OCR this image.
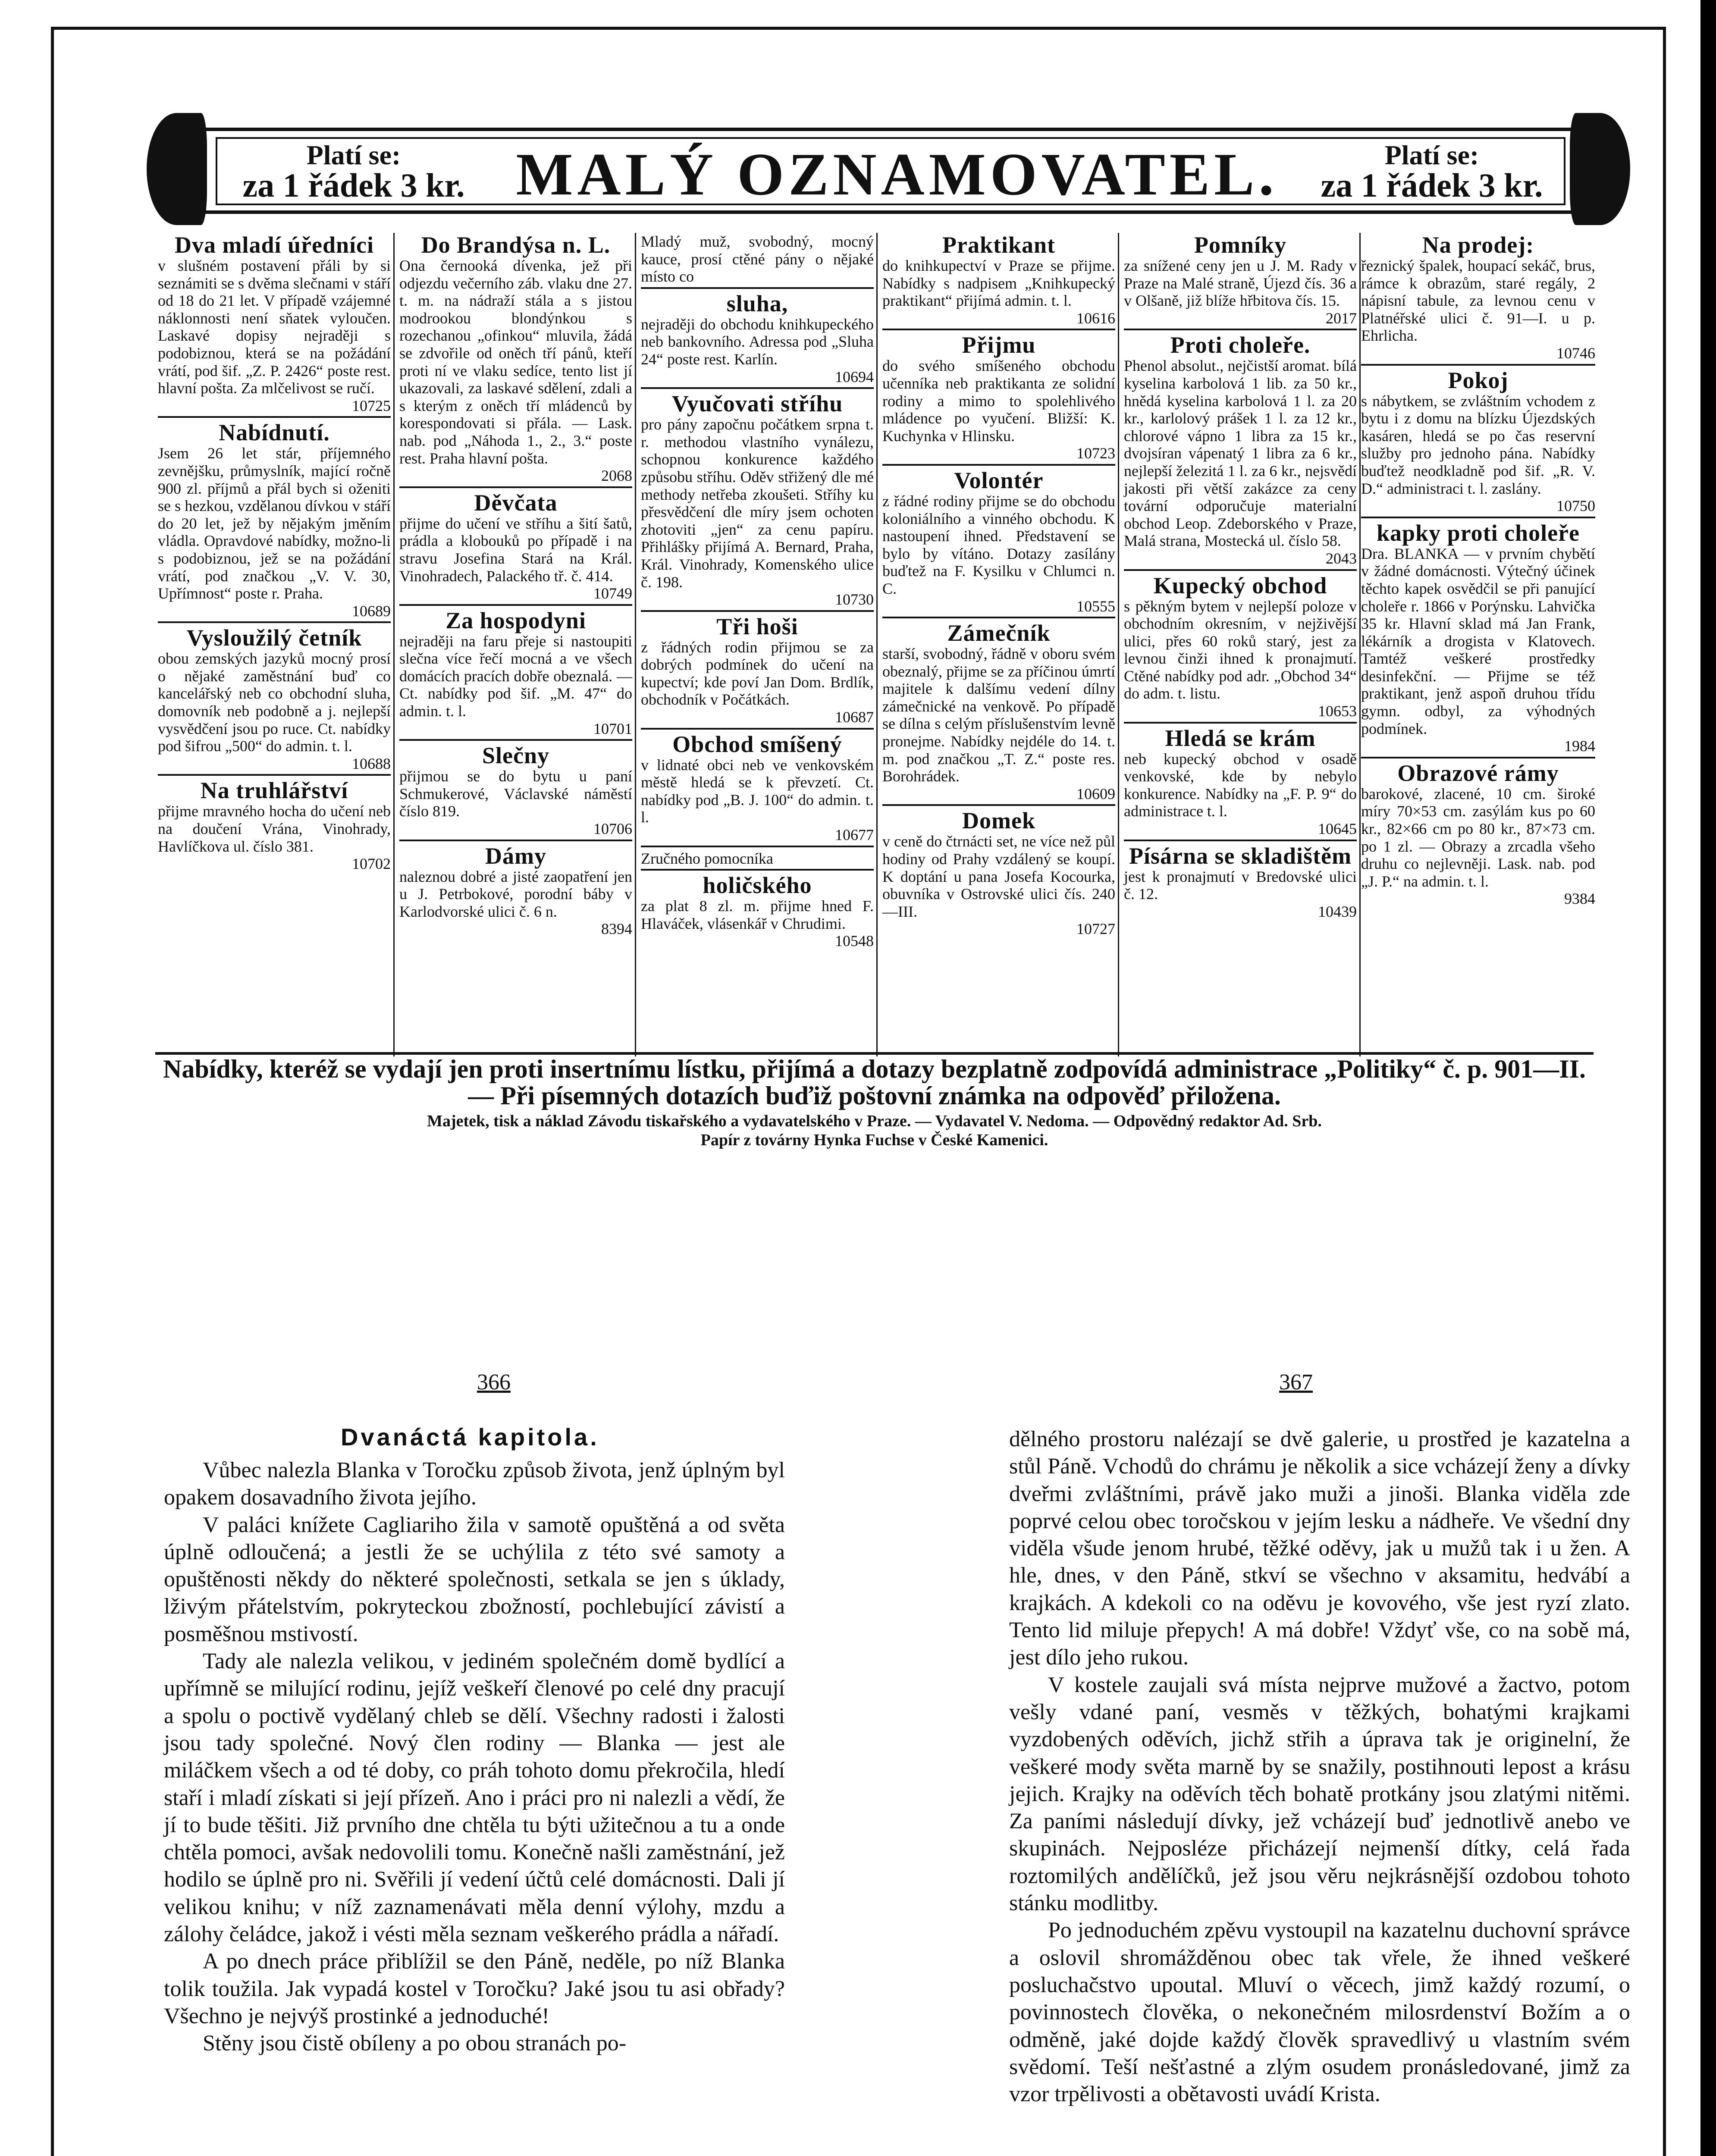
Platí se:
za 1 řádek 3 kr. MALÝ OZNAMOVATEL.	Platí se:
za 1 řádek 3 kr.
Dva mladí úředníci

v slušném postavení přáli by si seznámiti se s dvěma slečnami v stáří od 18 do 21 let. V případě vzájemné náklonnosti není sňatek vyloučen. Laskavé dopisy nejraději s podobiznou, která se na požádání vrátí, pod šif. „Z. P. 2426“ poste rest. hlavní pošta. Za mlčelivost se ručí.

10725
Nabídnutí.

Jsem 26 let stár, příjemného zevnějšku, průmyslník, mající ročně 900 zl. příjmů a přál bych si oženiti se s hezkou, vzdělanou dívkou v stáří do 20 let, jež by nějakým jměním vládla. Opravdové nabídky, možno-li s podobiznou, jež se na požádání vrátí, pod značkou „V. V. 30, Upřímnost“ poste r. Praha.

10689
Vysloužilý četník

obou zemských jazyků mocný prosí o nějaké zaměstnání buď co kancelářský neb co obchodní sluha, domovník neb podobně a j. nejlepší vysvědčení jsou po ruce. Ct. nabídky pod šifrou „500“ do admin. t. l.

10688
Na truhlářství

přijme mravného hocha do učení neb na doučení Vrána, Vinohrady, Havlíčkova ul. číslo 381.

10702
Do Brandýsa n. L.

Ona černooká dívenka, jež při odjezdu večerního záb. vlaku dne 27. t. m. na nádraží stála a s jistou modrookou blondýnkou s rozechanou „ofinkou“ mluvila, žádá se zdvořile od oněch tří pánů, kteří proti ní ve vlaku sedíce, tento list jí ukazovali, za laskavé sdělení, zdali a s kterým z oněch tří mládenců by korespondovati si přála. — Lask. nab. pod „Náhoda 1., 2., 3.“ poste rest. Praha hlavní pošta.

2068
Děvčata

přijme do učení ve stříhu a šití šatů, prádla a klobouků po případě i na stravu Josefina Stará na Král. Vinohradech, Palackého tř. č. 414.

10749
Za hospodyni

nejraději na faru přeje si nastoupiti slečna více řečí mocná a ve všech domácích pracích dobře obeznalá. — Ct. nabídky pod šif. „M. 47“ do admin. t. l.

10701
Slečny

přijmou se do bytu u paní Schmukerové, Václavské náměstí číslo 819.

10706
Dámy

naleznou dobré a jisté zaopatření jen u J. Petrbokové, porodní báby v Karlodvorské ulici č. 6 n.

8394

Mladý muž, svobodný, mocný kauce, prosí ctěné pány o nějaké místo co

sluha,

nejraději do obchodu knihkupeckého neb bankovního. Adressa pod „Sluha 24“ poste rest. Karlín.

10694
Vyučovati stříhu

pro pány započnu počátkem srpna t. r. methodou vlastního vynálezu, schopnou konkurence každého způsobu stříhu. Oděv střižený dle mé methody netřeba zkoušeti. Stříhy ku přesvědčení dle míry jsem ochoten zhotoviti „jen“ za cenu papíru. Přihlášky přijímá A. Bernard, Praha, Král. Vinohrady, Komenského ulice č. 198.

10730
Tři hoši

z řádných rodin přijmou se za dobrých podmínek do učení na kupectví; kde poví Jan Dom. Brdlík, obchodník v Počátkách.

10687
Obchod smíšený

v lidnaté obci neb ve venkovském městě hledá se k převzetí. Ct. nabídky pod „B. J. 100“ do admin. t. l.

10677

Zručného pomocníka

holičského

za plat 8 zl. m. přijme hned F. Hlaváček, vlásenkář v Chrudimi.

10548
Praktikant

do knihkupectví v Praze se přijme. Nabídky s nadpisem „Knihkupecký praktikant“ přijímá admin. t. l.

10616
Přijmu

do svého smíšeného obchodu učenníka neb praktikanta ze solidní rodiny a mimo to spolehlivého mládence po vyučení. Bližší: K. Kuchynka v Hlinsku.

10723
Volontér

z řádné rodiny přijme se do obchodu koloniálního a vinného obchodu. K nastoupení ihned. Představení se bylo by vítáno. Dotazy zasílány buďtež na F. Kysilku v Chlumci n. C.

10555
Zámečník

starší, svobodný, řádně v oboru svém obeznalý, přijme se za příčinou úmrtí majitele k dalšímu vedení dílny zámečnické na venkově. Po případě se dílna s celým příslušenstvím levně pronejme. Nabídky nejdéle do 14. t. m. pod značkou „T. Z.“ poste res. Borohrádek.

10609
Domek

v ceně do čtrnácti set, ne více než půl hodiny od Prahy vzdálený se koupí. K doptání u pana Josefa Kocourka, obuvníka v Ostrovské ulici čís. 240—III.

10727
Pomníky

za snížené ceny jen u J. M. Rady v Praze na Malé straně, Újezd čís. 36 a v Olšaně, již blíže hřbitova čís. 15.

2017
Proti choleře.

Phenol absolut., nejčistší aromat. bílá kyselina karbolová 1 lib. za 50 kr., hnědá kyselina karbolová 1 l. za 20 kr., karlolový prášek 1 l. za 12 kr., chlorové vápno 1 libra za 15 kr., dvojsíran vápenatý 1 libra za 6 kr., nejlepší železitá 1 l. za 6 kr., nejsvědí jakosti při větší zakázce za ceny tovární odporučuje materialní obchod Leop. Zdeborského v Praze, Malá strana, Mostecká ul. číslo 58.

2043
Kupecký obchod

s pěkným bytem v nejlepší poloze v obchodním okresním, v nejživější ulici, přes 60 roků starý, jest za levnou činži ihned k pronajmutí. Ctěné nabídky pod adr. „Obchod 34“ do adm. t. listu.

10653
Hledá se krám

neb kupecký obchod v osadě venkovské, kde by nebylo konkurence. Nabídky na „F. P. 9“ do administrace t. l.

10645
Písárna se skladištěm

jest k pronajmutí v Bredovské ulici č. 12.

10439
Na prodej:

řeznický špalek, houpací sekáč, brus, rámce k obrazům, staré regály, 2 nápisní tabule, za levnou cenu v Platnéřské ulici č. 91—I. u p. Ehrlicha.

10746
Pokoj

s nábytkem, se zvláštním vchodem z bytu i z domu na blízku Újezdských kasáren, hledá se po čas reservní služby pro jednoho pána. Nabídky buďtež neodkladně pod šif. „R. V. D.“ administraci t. l. zaslány.

10750
kapky proti choleře

Dra. BLANKA — v prvním chybětí v žádné domácnosti. Výtečný účinek těchto kapek osvědčil se při panující choleře r. 1866 v Porýnsku. Lahvička 35 kr. Hlavní sklad má Jan Frank, lékárník a drogista v Klatovech. Tamtéž veškeré prostředky desinfekční. — Přijme se též praktikant, jenž aspoň druhou třídu gymn. odbyl, za výhodných podmínek.

1984
Obrazové rámy

barokové, zlacené, 10 cm. široké míry 70×53 cm. zasýlám kus po 60 kr., 82×66 cm po 80 kr., 87×73 cm. po 1 zl. — Obrazy a zrcadla všeho druhu co nejlevněji. Lask. nab. pod „J. P.“ na admin. t. l.

9384
Nabídky, kteréž se vydají jen proti insertnímu lístku, přijímá a dotazy bezplatně zodpovídá administrace „Politiky“ č. p. 901—II. — Při písemných dotazích buďiž poštovní známka na odpověď přiložena.
Majetek, tisk a náklad Závodu tiskařského a vydavatelského v Praze. — Vydavatel V. Nedoma. — Odpovědný redaktor Ad. Srb.
Papír z továrny Hynka Fuchse v České Kamenici.
366	367
Dvanáctá kapitola.

Vůbec nalezla Blanka v Toročku způsob života, jenž úplným byl opakem dosavadního života jejího.

V paláci knížete Cagliariho žila v samotě opuštěná a od světa úplně odloučená; a jestli že se uchýlila z této své samoty a opuštěnosti někdy do některé společnosti, setkala se jen s úklady, lživým přátelstvím, pokryteckou zbožností, pochlebující závistí a posměšnou mstivostí.

Tady ale nalezla velikou, v jediném společném domě bydlící a upřímně se milující rodinu, jejíž veškeří členové po celé dny pracují a spolu o poctivě vydělaný chleb se dělí. Všechny radosti i žalosti jsou tady společné. Nový člen rodiny — Blanka — jest ale miláčkem všech a od té doby, co práh tohoto domu překročila, hledí staří i mladí získati si její přízeň. Ano i práci pro ni nalezli a vědí, že jí to bude těšiti. Již prvního dne chtěla tu býti užitečnou a tu a onde chtěla pomoci, avšak nedovolili tomu. Konečně našli zaměstnání, jež hodilo se úplně pro ni. Svěřili jí vedení účtů celé domácnosti. Dali jí velikou knihu; v níž zaznamenávati měla denní výlohy, mzdu a zálohy čeládce, jakož i vésti měla seznam veškerého prádla a nářadí.

A po dnech práce přiblížil se den Páně, neděle, po níž Blanka tolik toužila. Jak vypadá kostel v Toročku? Jaké jsou tu asi obřady? Všechno je nejvýš prostinké a jednoduché!

Stěny jsou čistě obíleny a po obou stranách po-

dělného prostoru nalézají se dvě galerie, u prostřed je kazatelna a stůl Páně. Vchodů do chrámu je několik a sice vcházejí ženy a dívky dveřmi zvláštními, právě jako muži a jinoši. Blanka viděla zde poprvé celou obec toročskou v jejím lesku a nádheře. Ve všední dny viděla všude jenom hrubé, těžké oděvy, jak u mužů tak i u žen. A hle, dnes, v den Páně, stkví se všechno v aksamitu, hedvábí a krajkách. A kdekoli co na oděvu je kovového, vše jest ryzí zlato. Tento lid miluje přepych! A má dobře! Vždyť vše, co na sobě má, jest dílo jeho rukou.

V kostele zaujali svá místa nejprve mužové a žactvo, potom vešly vdané paní, vesměs v těžkých, bohatými krajkami vyzdobených oděvích, jichž střih a úprava tak je originelní, že veškeré mody světa marně by se snažily, postihnouti lepost a krásu jejich. Krajky na oděvích těch bohatě protkány jsou zlatými nitěmi. Za paními následují dívky, jež vcházejí buď jednotlivě anebo ve skupinách. Nejposléze přicházejí nejmenší dítky, celá řada roztomilých andělíčků, jež jsou věru nejkrásnější ozdobou tohoto stánku modlitby.

Po jednoduchém zpěvu vystoupil na kazatelnu duchovní správce a oslovil shromážděnou obec tak vřele, že ihned veškeré posluchačstvo upoutal. Mluví o věcech, jimž každý rozumí, o povinnostech člověka, o nekonečném milosrdenství Božím a o odměně, jaké dojde každý člověk spravedlivý u vlastním svém svědomí. Teší nešťastné a zlým osudem pronásledované, jimž za vzor trpělivosti a obětavosti uvádí Krista.
